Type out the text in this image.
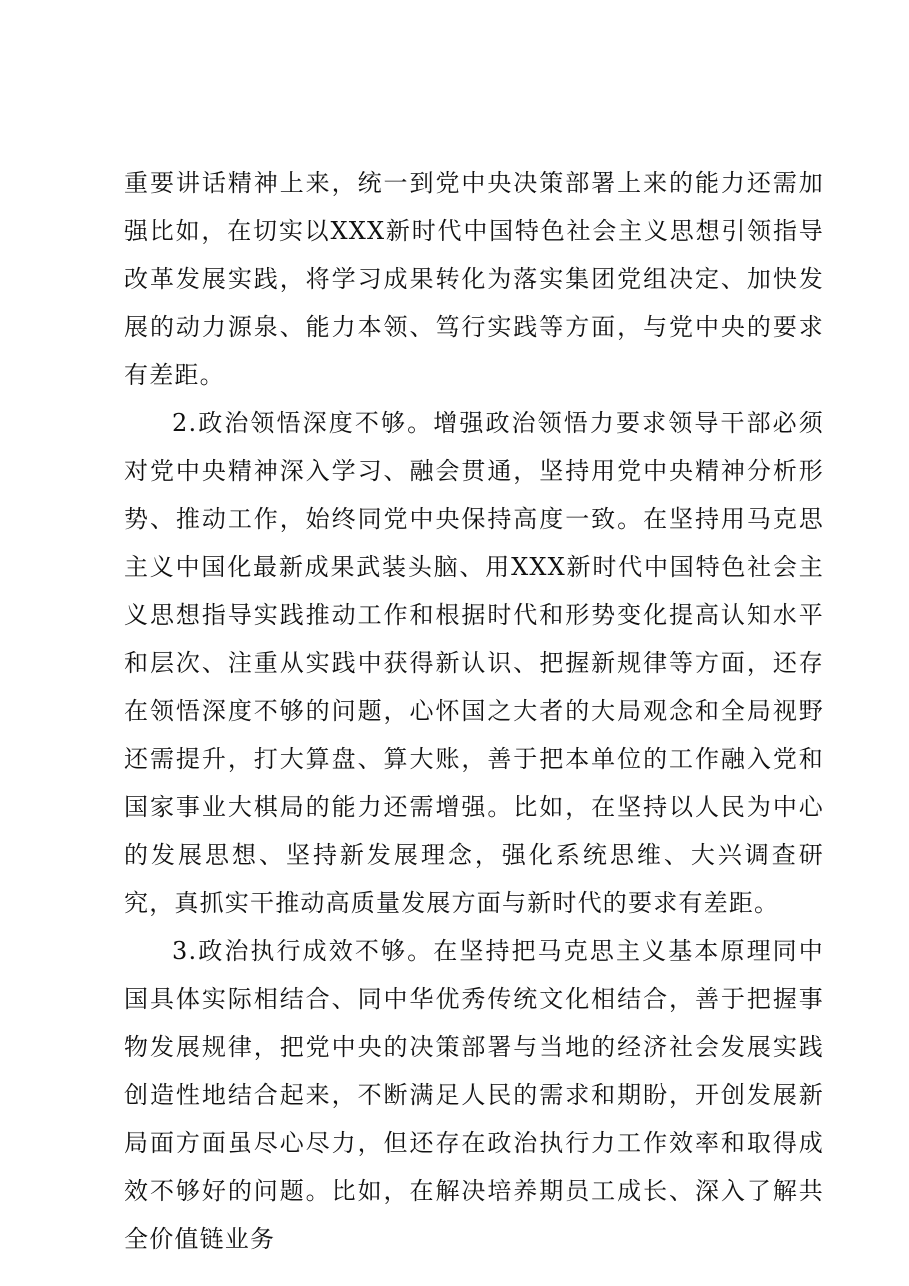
重要讲话精神上来，统一到党中央决策部署上来的能力还需加强比如，在切实以XXX新时代中国特色社会主义思想引领指导改革发展实践，将学习成果转化为落实集团党组决定、加快发展的动力源泉、能力本领、笃行实践等方面，与党中央的要求有差距。

2.政治领悟深度不够。增强政治领悟力要求领导干部必须对党中央精神深入学习、融会贯通，坚持用党中央精神分析形势、推动工作，始终同党中央保持高度一致。在坚持用马克思主义中国化最新成果武装头脑、用XXX新时代中国特色社会主义思想指导实践推动工作和根据时代和形势变化提高认知水平和层次、注重从实践中获得新认识、把握新规律等方面，还存在领悟深度不够的问题，心怀国之大者的大局观念和全局视野还需提升，打大算盘、算大账，善于把本单位的工作融入党和国家事业大棋局的能力还需增强。比如，在坚持以人民为中心的发展思想、坚持新发展理念，强化系统思维、大兴调查研究，真抓实干推动高质量发展方面与新时代的要求有差距。

3.政治执行成效不够。在坚持把马克思主义基本原理同中国具体实际相结合、同中华优秀传统文化相结合，善于把握事物发展规律，把党中央的决策部署与当地的经济社会发展实践创造性地结合起来，不断满足人民的需求和期盼，开创发展新局面方面虽尽心尽力，但还存在政治执行力工作效率和取得成效不够好的问题。比如，在解决培养期员工成长、深入了解共全价值链业务
